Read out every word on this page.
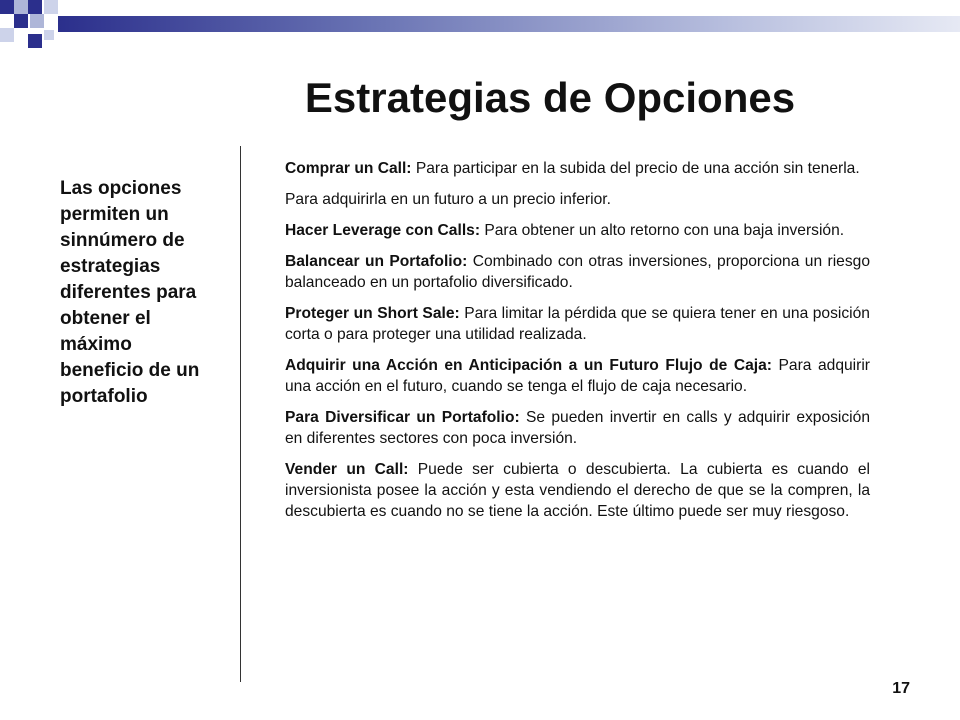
Estrategias de Opciones

Las opciones permiten un sinnúmero de estrategias diferentes para obtener el máximo beneficio de un portafolio

Comprar un Call: Para participar en la subida del precio de una acción sin tenerla.

Para adquirirla en un futuro a un precio inferior.

Hacer Leverage con Calls: Para obtener un alto retorno con una baja inversión.

Balancear un Portafolio: Combinado con otras inversiones, proporciona un riesgo balanceado en un portafolio diversificado.

Proteger un Short Sale: Para limitar la pérdida que se quiera tener en una posición corta o para proteger una utilidad realizada.

Adquirir una Acción en Anticipación a un Futuro Flujo de Caja: Para adquirir una acción en el futuro, cuando se tenga el flujo de caja necesario.

Para Diversificar un Portafolio: Se pueden invertir en calls y adquirir exposición en diferentes sectores con poca inversión.

Vender un Call: Puede ser cubierta o descubierta. La cubierta es cuando el inversionista posee la acción y esta vendiendo el derecho de que se la compren, la descubierta es cuando no se tiene la acción. Este último puede ser muy riesgoso.

17
